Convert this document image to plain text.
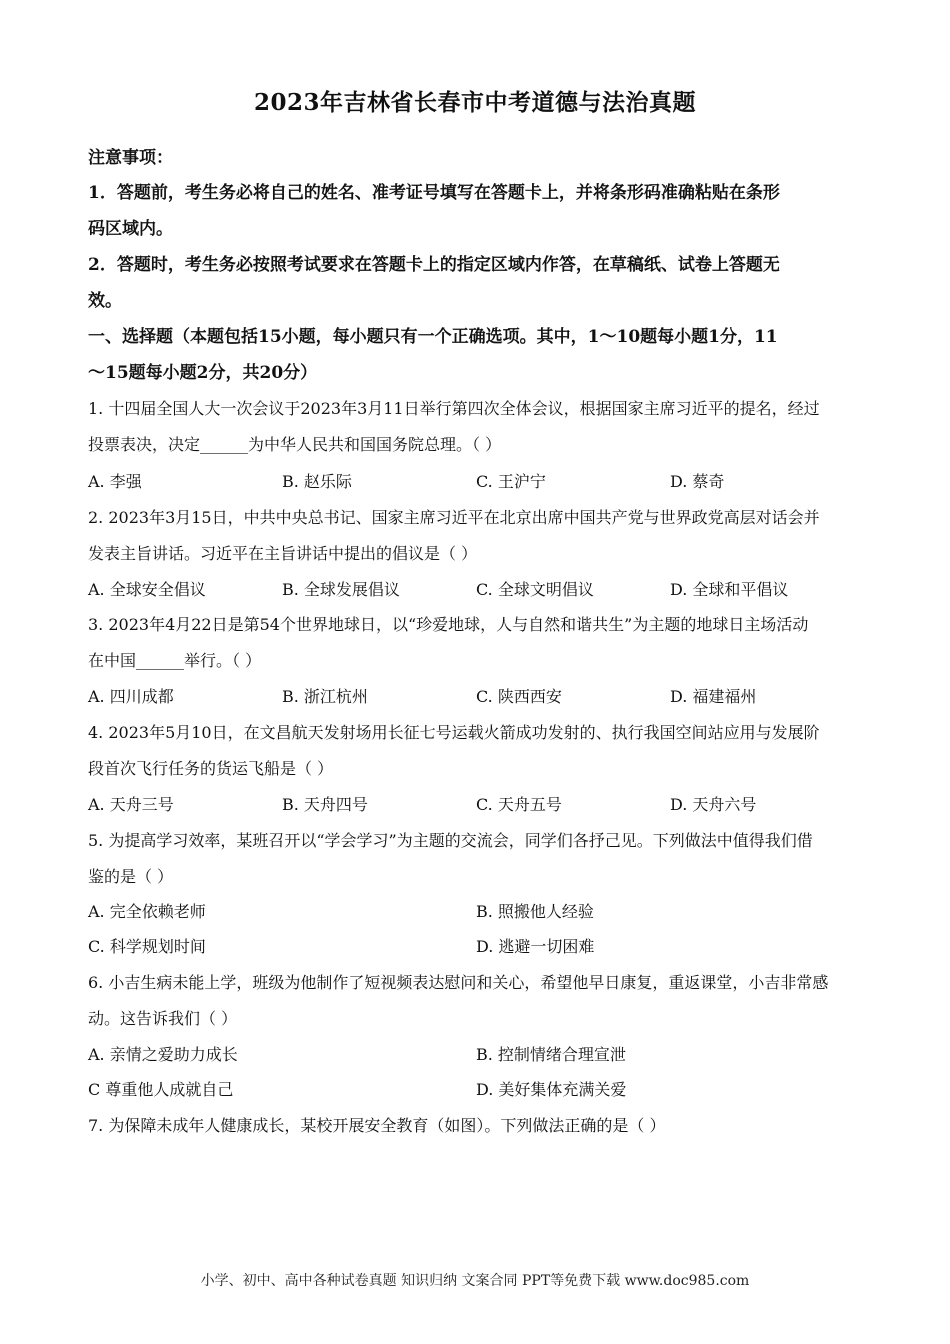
2023年吉林省长春市中考道德与法治真题
注意事项：
1．答题前，考生务必将自己的姓名、准考证号填写在答题卡上，并将条形码准确粘贴在条形
码区域内。
2．答题时，考生务必按照考试要求在答题卡上的指定区域内作答，在草稿纸、试卷上答题无
效。
一、选择题（本题包括15小题，每小题只有一个正确选项。其中，1～10题每小题1分，11
～15题每小题2分，共20分）
1. 十四届全国人大一次会议于2023年3月11日举行第四次全体会议，根据国家主席习近平的提名，经过
投票表决，决定______为中华人民共和国国务院总理。（ ）
A. 李强	B. 赵乐际	C. 王沪宁	D. 蔡奇
2. 2023年3月15日，中共中央总书记、国家主席习近平在北京出席中国共产党与世界政党高层对话会并
发表主旨讲话。习近平在主旨讲话中提出的倡议是（ ）
A. 全球安全倡议	B. 全球发展倡议	C. 全球文明倡议	D. 全球和平倡议
3. 2023年4月22日是第54个世界地球日，以“珍爱地球，人与自然和谐共生”为主题的地球日主场活动
在中国______举行。（ ）
A. 四川成都	B. 浙江杭州	C. 陕西西安	D. 福建福州
4. 2023年5月10日，在文昌航天发射场用长征七号运载火箭成功发射的、执行我国空间站应用与发展阶
段首次飞行任务的货运飞船是（ ）
A. 天舟三号	B. 天舟四号	C. 天舟五号	D. 天舟六号
5. 为提高学习效率，某班召开以“学会学习”为主题的交流会，同学们各抒己见。下列做法中值得我们借
鉴的是（ ）
A. 完全依赖老师	B. 照搬他人经验
C. 科学规划时间	D. 逃避一切困难
6. 小吉生病未能上学，班级为他制作了短视频表达慰问和关心，希望他早日康复，重返课堂，小吉非常感
动。这告诉我们（ ）
A. 亲情之爱助力成长	B. 控制情绪合理宣泄
C 尊重他人成就自己	D. 美好集体充满关爱
7. 为保障未成年人健康成长，某校开展安全教育（如图）。下列做法正确的是（ ）
小学、初中、高中各种试卷真题 知识归纳 文案合同 PPT等免费下载 www.doc985.com
